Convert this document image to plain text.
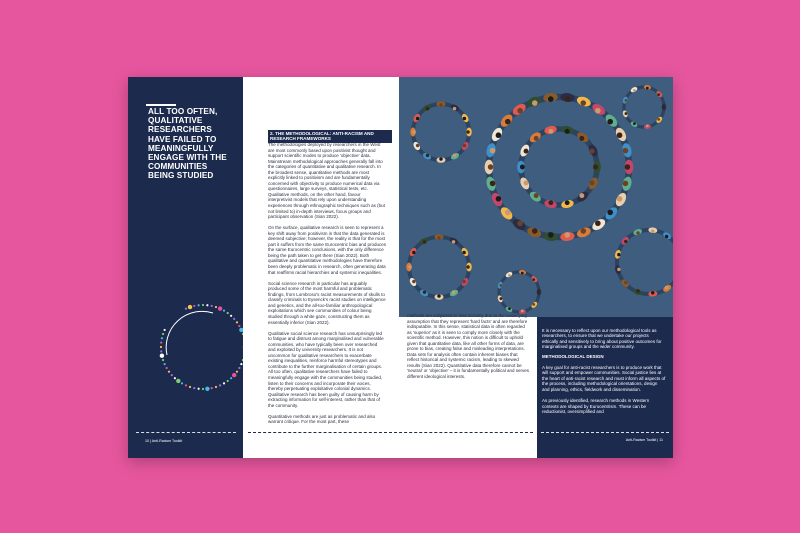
ALL TOO OFTEN, QUALITATIVE RESEARCHERS HAVE FAILED TO MEANINGFULLY ENGAGE WITH THE COMMUNITIES BEING STUDIED
10 | Anti-Racism Toolkit	Anti-Racism Toolkit | 11
2. THE METHODOLOGICAL: ANTI-RACISM AND RESEARCH FRAMEWORKS
The methodologies deployed by researchers in the West are most commonly based upon positivist thought and support scientific modes to produce 'objective' data. Mainstream methodological approaches generally fall into the categories of quantitative and qualitative research. In the broadest sense, quantitative methods are most explicitly linked to positivism and are fundamentally concerned with objectivity to produce numerical data via questionnaires, large surveys, statistical tests, etc. Qualitative methods, on the other hand, favour interpretivist models that rely upon understanding experiences through ethnographic techniques such as (but not limited to) in-depth interviews, focus groups and participant observation (Sian 2022).

On the surface, qualitative research is seen to represent a key shift away from positivism in that the data generated is deemed subjective; however, the reality is that for the most part it suffers from the same Eurocentric bias and produces the same Eurocentric conclusions, with the only difference being the path taken to get there (Sian 2022). Both qualitative and quantitative methodologies have therefore been deeply problematic in research, often generating data that reaffirms racial hierarchies and systemic inequalities.

Social science research in particular has arguably produced some of the most harmful and problematic findings, from Lombroso's racist measurements of skulls to classify criminals to Eysenck's racist studies on intelligence and genetics, and the all-too-familiar anthropological exploitations which see communities of colour being studied through a white gaze, constructing them as essentially inferior (Sian 2022).

Qualitative social science research has unsurprisingly led to fatigue and distrust among marginalised and vulnerable communities, who have typically been over researched and exploited by university researchers. It is not uncommon for qualitative researchers to exacerbate existing inequalities, reinforce harmful stereotypes and contribute to the further marginalisation of certain groups. All too often, qualitative researchers have failed to meaningfully engage with the communities being studied, listen to their concerns and incorporate their voices, thereby perpetuating exploitative colonial dynamics. Qualitative research has been guilty of causing harm by extracting information for self-interest, rather than that of the community.

Quantitative methods are just as problematic and also warrant critique. For the most part, these
methods are subjected to less scrutiny due to the underlying assumption that they represent 'hard facts' and are therefore indisputable. In this sense, statistical data is often regarded as 'superior' as it is seen to comply more closely with the scientific method. However, this notion is difficult to uphold given that quantitative data, like all other forms of data, are prone to bias, creating false and misleading interpretations. Data sets for analysis often contain inherent biases that reflect historical and systemic racism, leading to skewed results (Sian 2022). Quantitative data therefore cannot be 'neutral' or 'objective' – it is fundamentally political and serves different ideological interests.

It is necessary to reflect upon our methodological tools as researchers, to ensure that we undertake our projects ethically and sensitively to bring about positive outcomes for marginalised groups and the wider community.

METHODOLOGICAL DESIGN

A key goal for anti-racist researchers is to produce work that will support and empower communities. Social justice lies at the heart of anti-racist research and must inform all aspects of the process, including methodological orientations, design and planning, ethics, fieldwork and dissemination.

As previously identified, research methods in Western contexts are shaped by Eurocentrism. These can be reductionist, oversimplified and
